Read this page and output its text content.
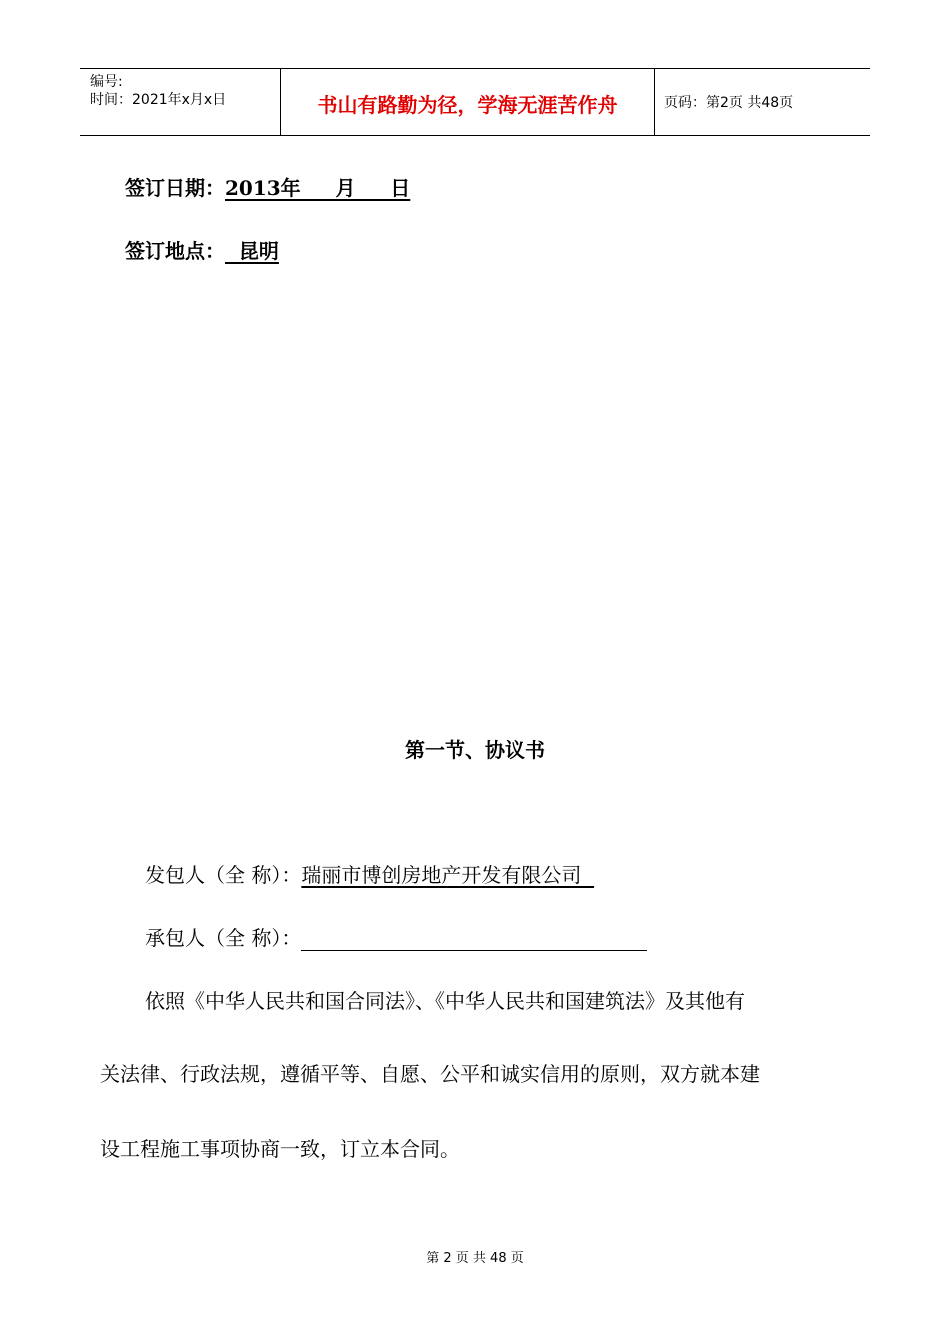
编号:
时间：2021年x月x日	书山有路勤为径，学海无涯苦作舟	页码：第2页 共48页
签订日期：2013年     月     日
签订地点：  昆明
第一节、协议书
发包人（全 称）：瑞丽市博创房地产开发有限公司
承包人（全 称）：
依照《中华人民共和国合同法》、《中华人民共和国建筑法》及其他有
关法律、行政法规，遵循平等、自愿、公平和诚实信用的原则，双方就本建
设工程施工事项协商一致，订立本合同。
第 2 页 共 48 页
